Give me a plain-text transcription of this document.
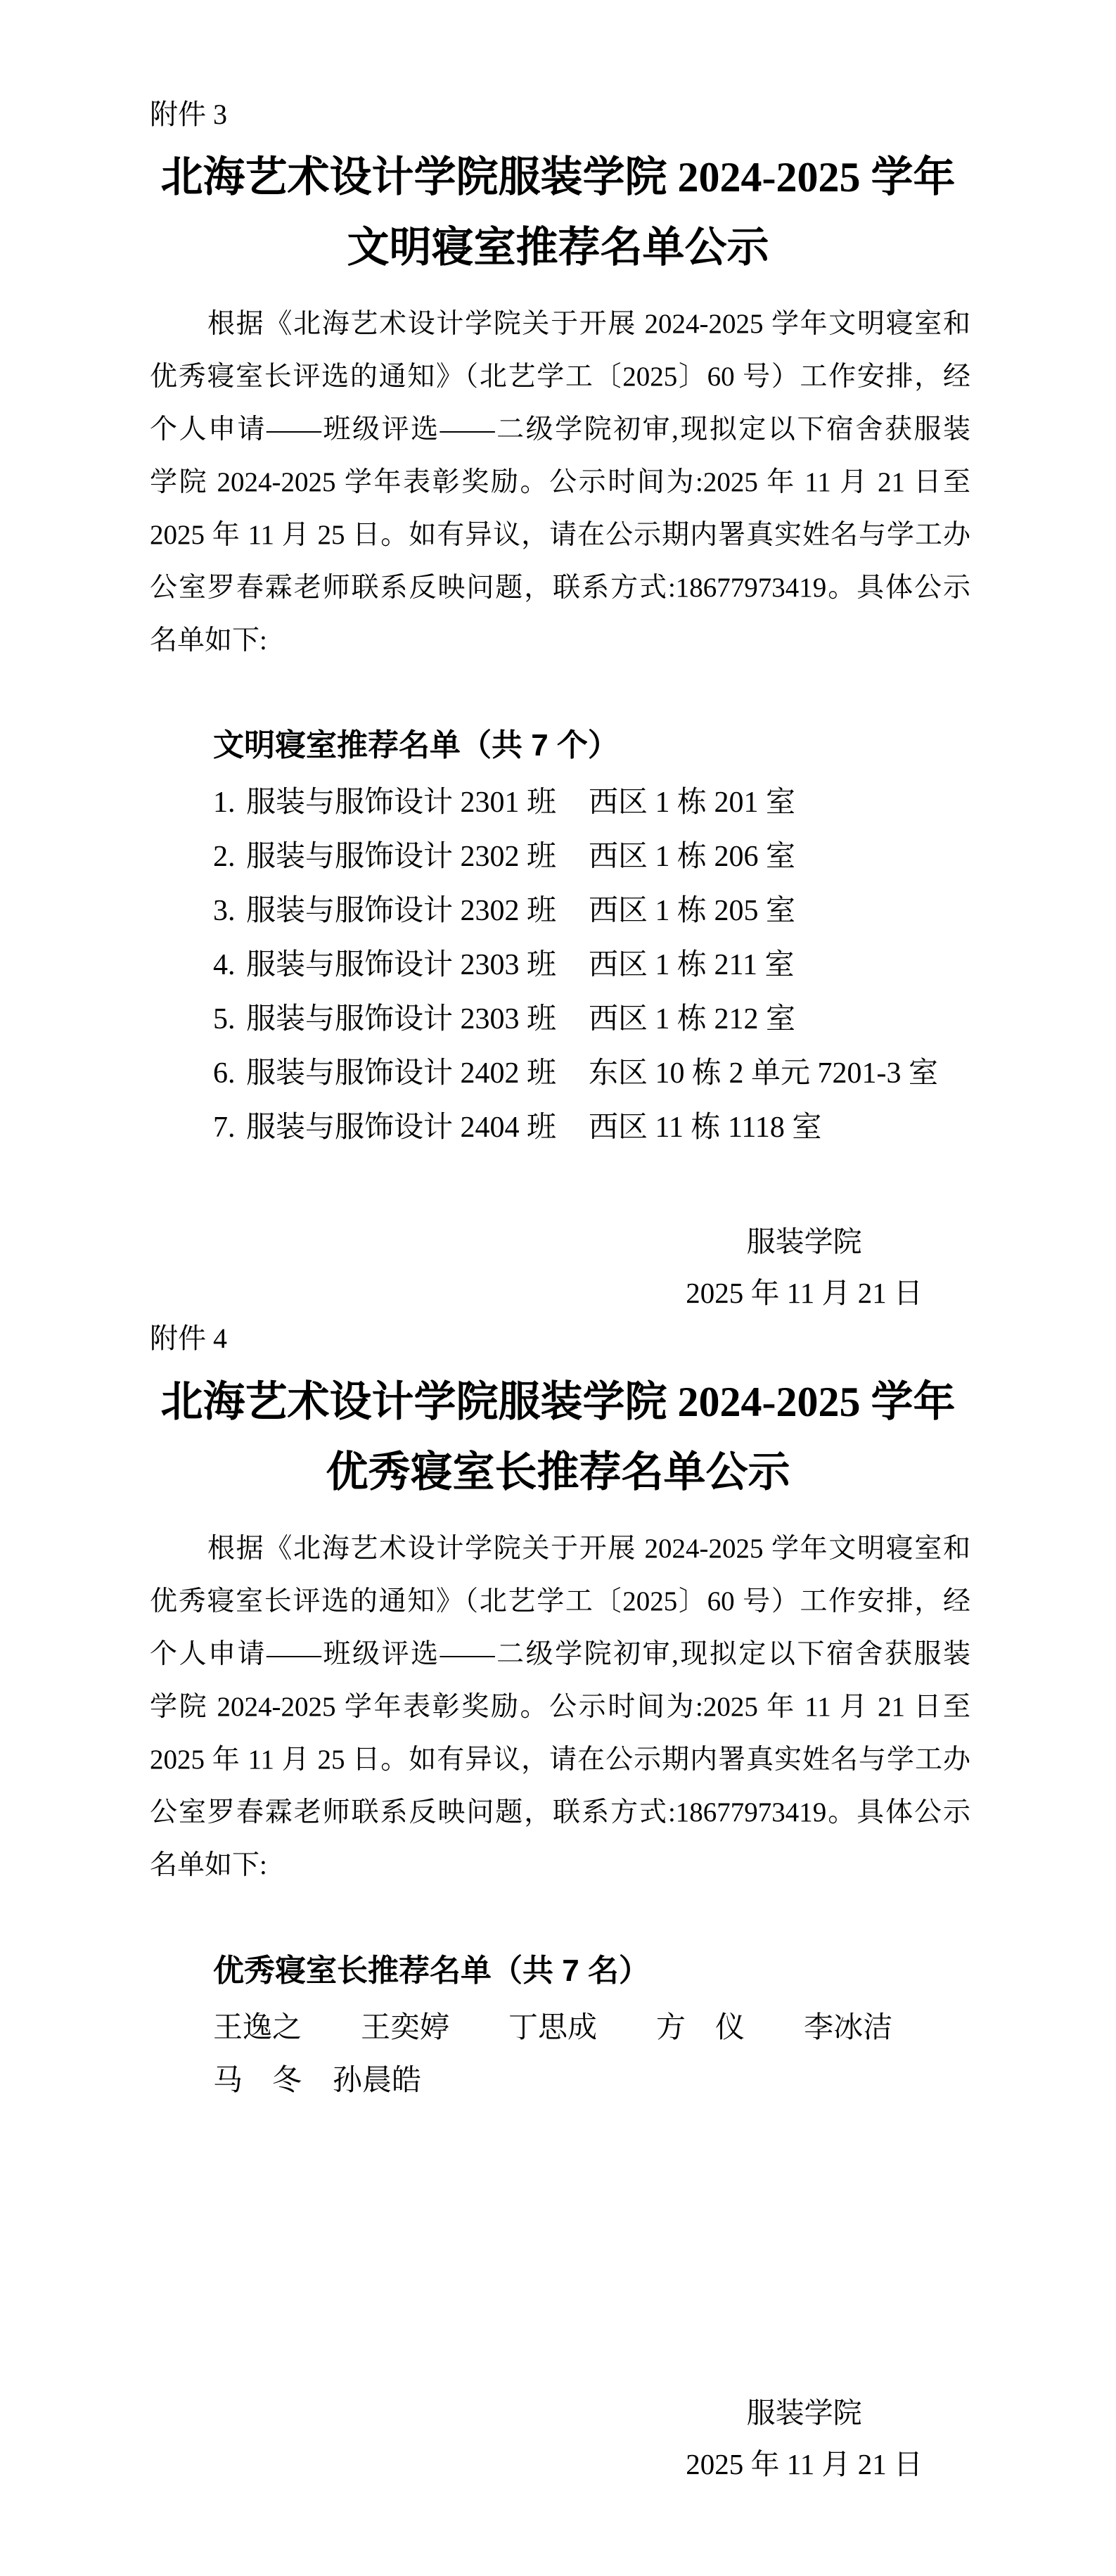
附件 3
北海艺术设计学院服装学院 2024-2025 学年
文明寝室推荐名单公示
根据《北海艺术设计学院关于开展 2024-2025 学年文明寝室和
优秀寝室长评选的通知》（北艺学工〔2025〕60 号）工作安排，经
个人申请——班级评选——二级学院初审,现拟定以下宿舍获服装
学院 2024-2025 学年表彰奖励。公示时间为:2025 年 11 月 21 日至
2025 年 11 月 25 日。如有异议，请在公示期内署真实姓名与学工办
公室罗春霖老师联系反映问题，联系方式:18677973419。具体公示
名单如下:
文明寝室推荐名单（共 7 个）
1. 服装与服饰设计 2301 班 西区 1 栋 201 室
2. 服装与服饰设计 2302 班 西区 1 栋 206 室
3. 服装与服饰设计 2302 班 西区 1 栋 205 室
4. 服装与服饰设计 2303 班 西区 1 栋 211 室
5. 服装与服饰设计 2303 班 西区 1 栋 212 室
6. 服装与服饰设计 2402 班 东区 10 栋 2 单元 7201-3 室
7. 服装与服饰设计 2404 班 西区 11 栋 1118 室
服装学院
2025 年 11 月 21 日
附件 4
北海艺术设计学院服装学院 2024-2025 学年
优秀寝室长推荐名单公示
根据《北海艺术设计学院关于开展 2024-2025 学年文明寝室和
优秀寝室长评选的通知》（北艺学工〔2025〕60 号）工作安排，经
个人申请——班级评选——二级学院初审,现拟定以下宿舍获服装
学院 2024-2025 学年表彰奖励。公示时间为:2025 年 11 月 21 日至
2025 年 11 月 25 日。如有异议，请在公示期内署真实姓名与学工办
公室罗春霖老师联系反映问题，联系方式:18677973419。具体公示
名单如下:
优秀寝室长推荐名单（共 7 名）
王逸之 王奕婷 丁思成 方　仪 李冰洁
马　冬 孙晨皓
服装学院
2025 年 11 月 21 日
